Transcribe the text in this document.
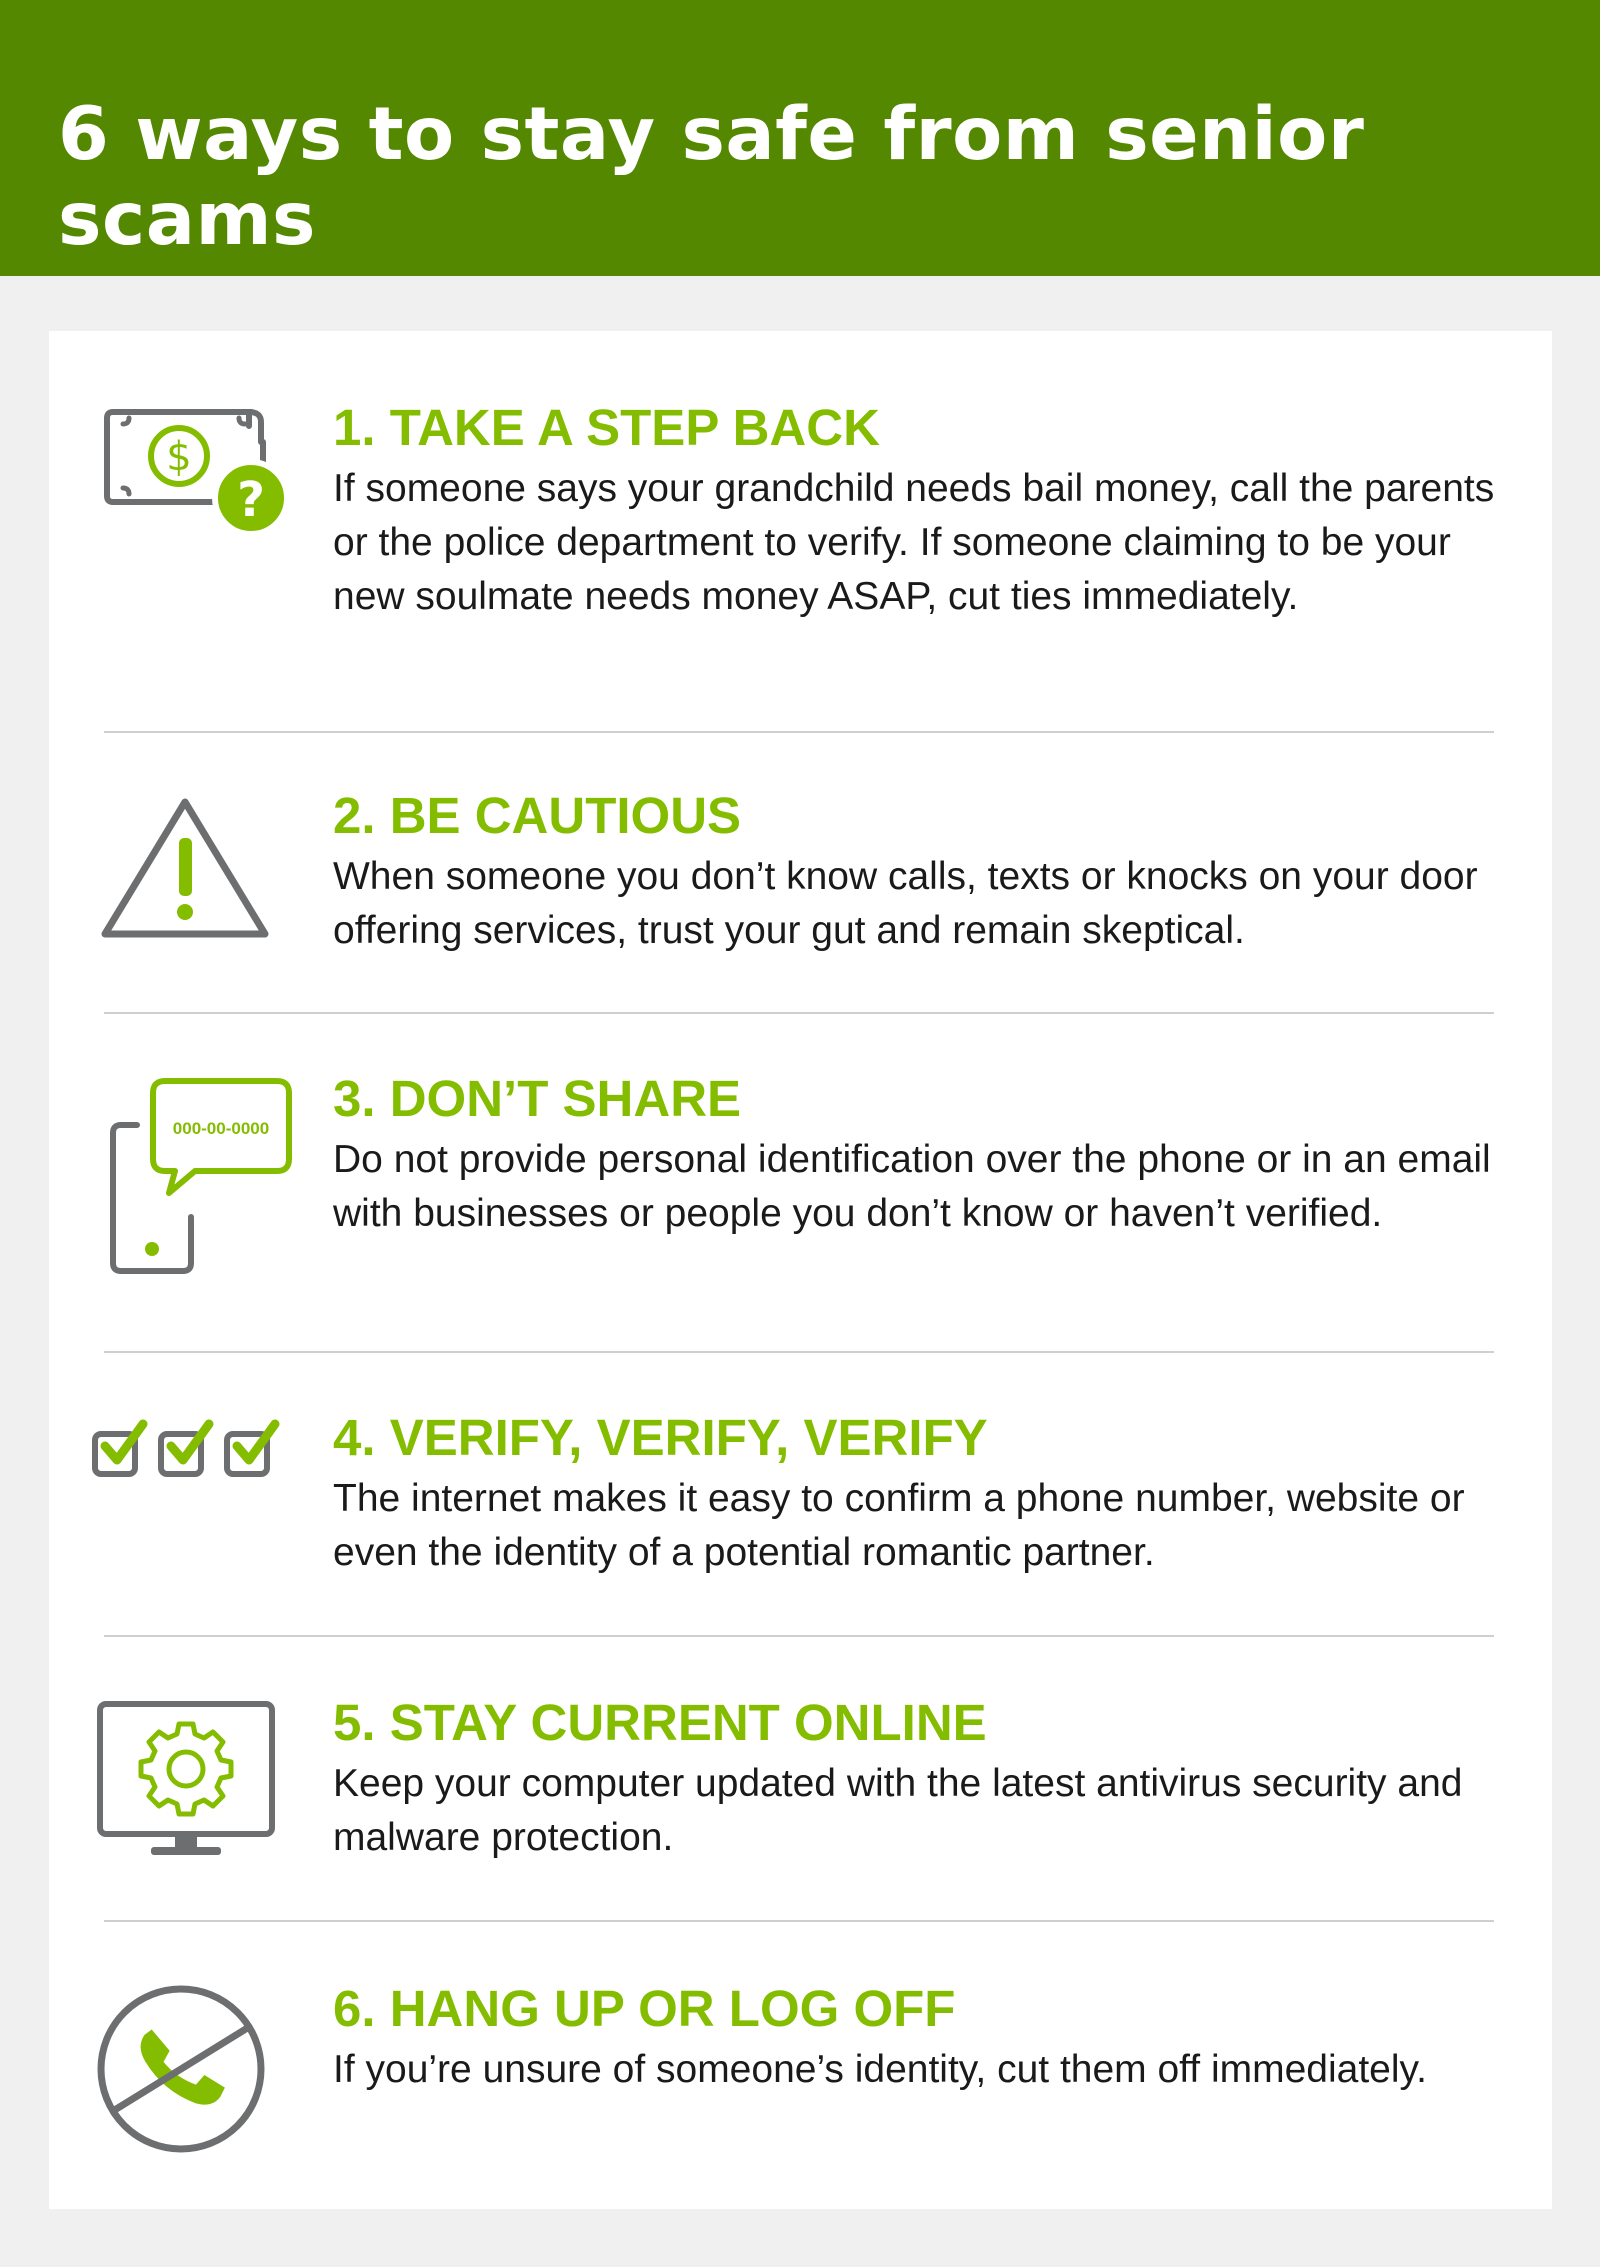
6 ways to stay safe from senior scams
$
?

1. TAKE A STEP BACK

If someone says your grandchild needs bail money, call the parents or the police department to verify. If someone claiming to be your new soulmate needs money ASAP, cut ties immediately.

2. BE CAUTIOUS

When someone you don’t know calls, texts or knocks on your door offering services, trust your gut and remain skeptical.

000-00-0000

3. DON’T SHARE

Do not provide personal identification over the phone or in an email with businesses or people you don’t know or haven’t verified.

4. VERIFY, VERIFY, VERIFY

The internet makes it easy to confirm a phone number, website or even the identity of a potential romantic partner.

5. STAY CURRENT ONLINE

Keep your computer updated with the latest antivirus security and malware protection.

6. HANG UP OR LOG OFF

If you’re unsure of someone’s identity, cut them off immediately.
